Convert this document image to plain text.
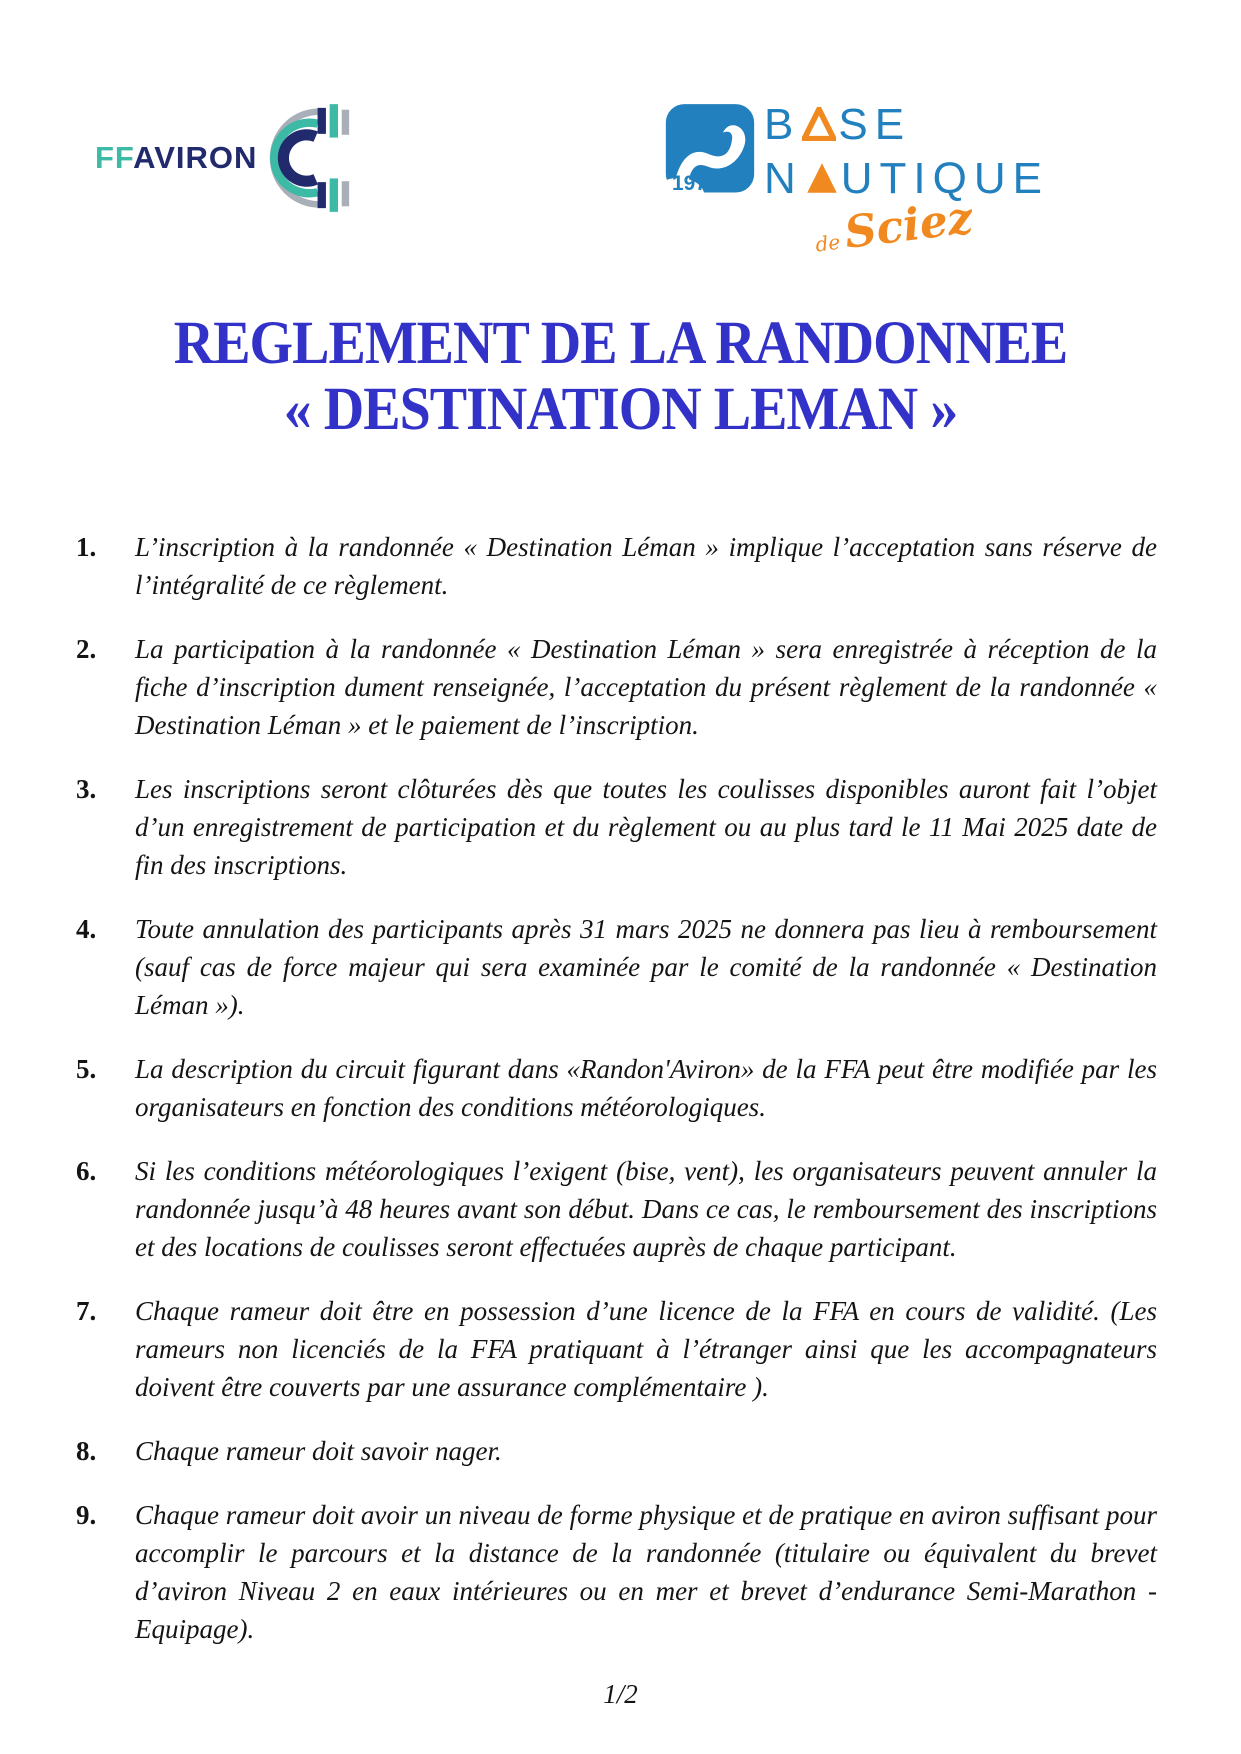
FFAVIRON
1979
B SE
N UTIQUE
deSciez
REGLEMENT DE LA RANDONNEE
« DESTINATION LEMAN »
1.	L’inscription à la randonnée « Destination Léman » implique l’acceptation sans réserve de l’intégralité de ce règlement.
2.	La participation à la randonnée « Destination Léman » sera enregistrée à réception de la fiche d’inscription dument renseignée, l’acceptation du présent règlement de la randonnée « Destination Léman » et le paiement de l’inscription.
3.	Les inscriptions seront clôturées dès que toutes les coulisses disponibles auront fait l’objet d’un enregistrement de participation et du règlement ou au plus tard le 11 Mai 2025 date de fin des inscriptions.
4.	Toute annulation des participants après 31 mars 2025 ne donnera pas lieu à remboursement (sauf cas de force majeur qui sera examinée par le comité de la randonnée « Destination Léman »).
5.	La description du circuit figurant dans «Randon'Aviron» de la FFA peut être modifiée par les organisateurs en fonction des conditions météorologiques.
6.	Si les conditions météorologiques l’exigent (bise, vent), les organisateurs peuvent annuler la randonnée jusqu’à 48 heures avant son début. Dans ce cas, le remboursement des inscriptions et des locations de coulisses seront effectuées auprès de chaque participant.
7.	Chaque rameur doit être en possession d’une licence de la FFA en cours de validité. (Les rameurs non licenciés de la FFA pratiquant à l’étranger ainsi que les accompagnateurs doivent être couverts par une assurance complémentaire ).
8.	Chaque rameur doit savoir nager.
9.	Chaque rameur doit avoir un niveau de forme physique et de pratique en aviron suffisant pour accomplir le parcours et la distance de la randonnée (titulaire ou équivalent du brevet d’aviron Niveau 2 en eaux intérieures ou en mer et brevet d’endurance Semi-Marathon -Equipage).
1/2
